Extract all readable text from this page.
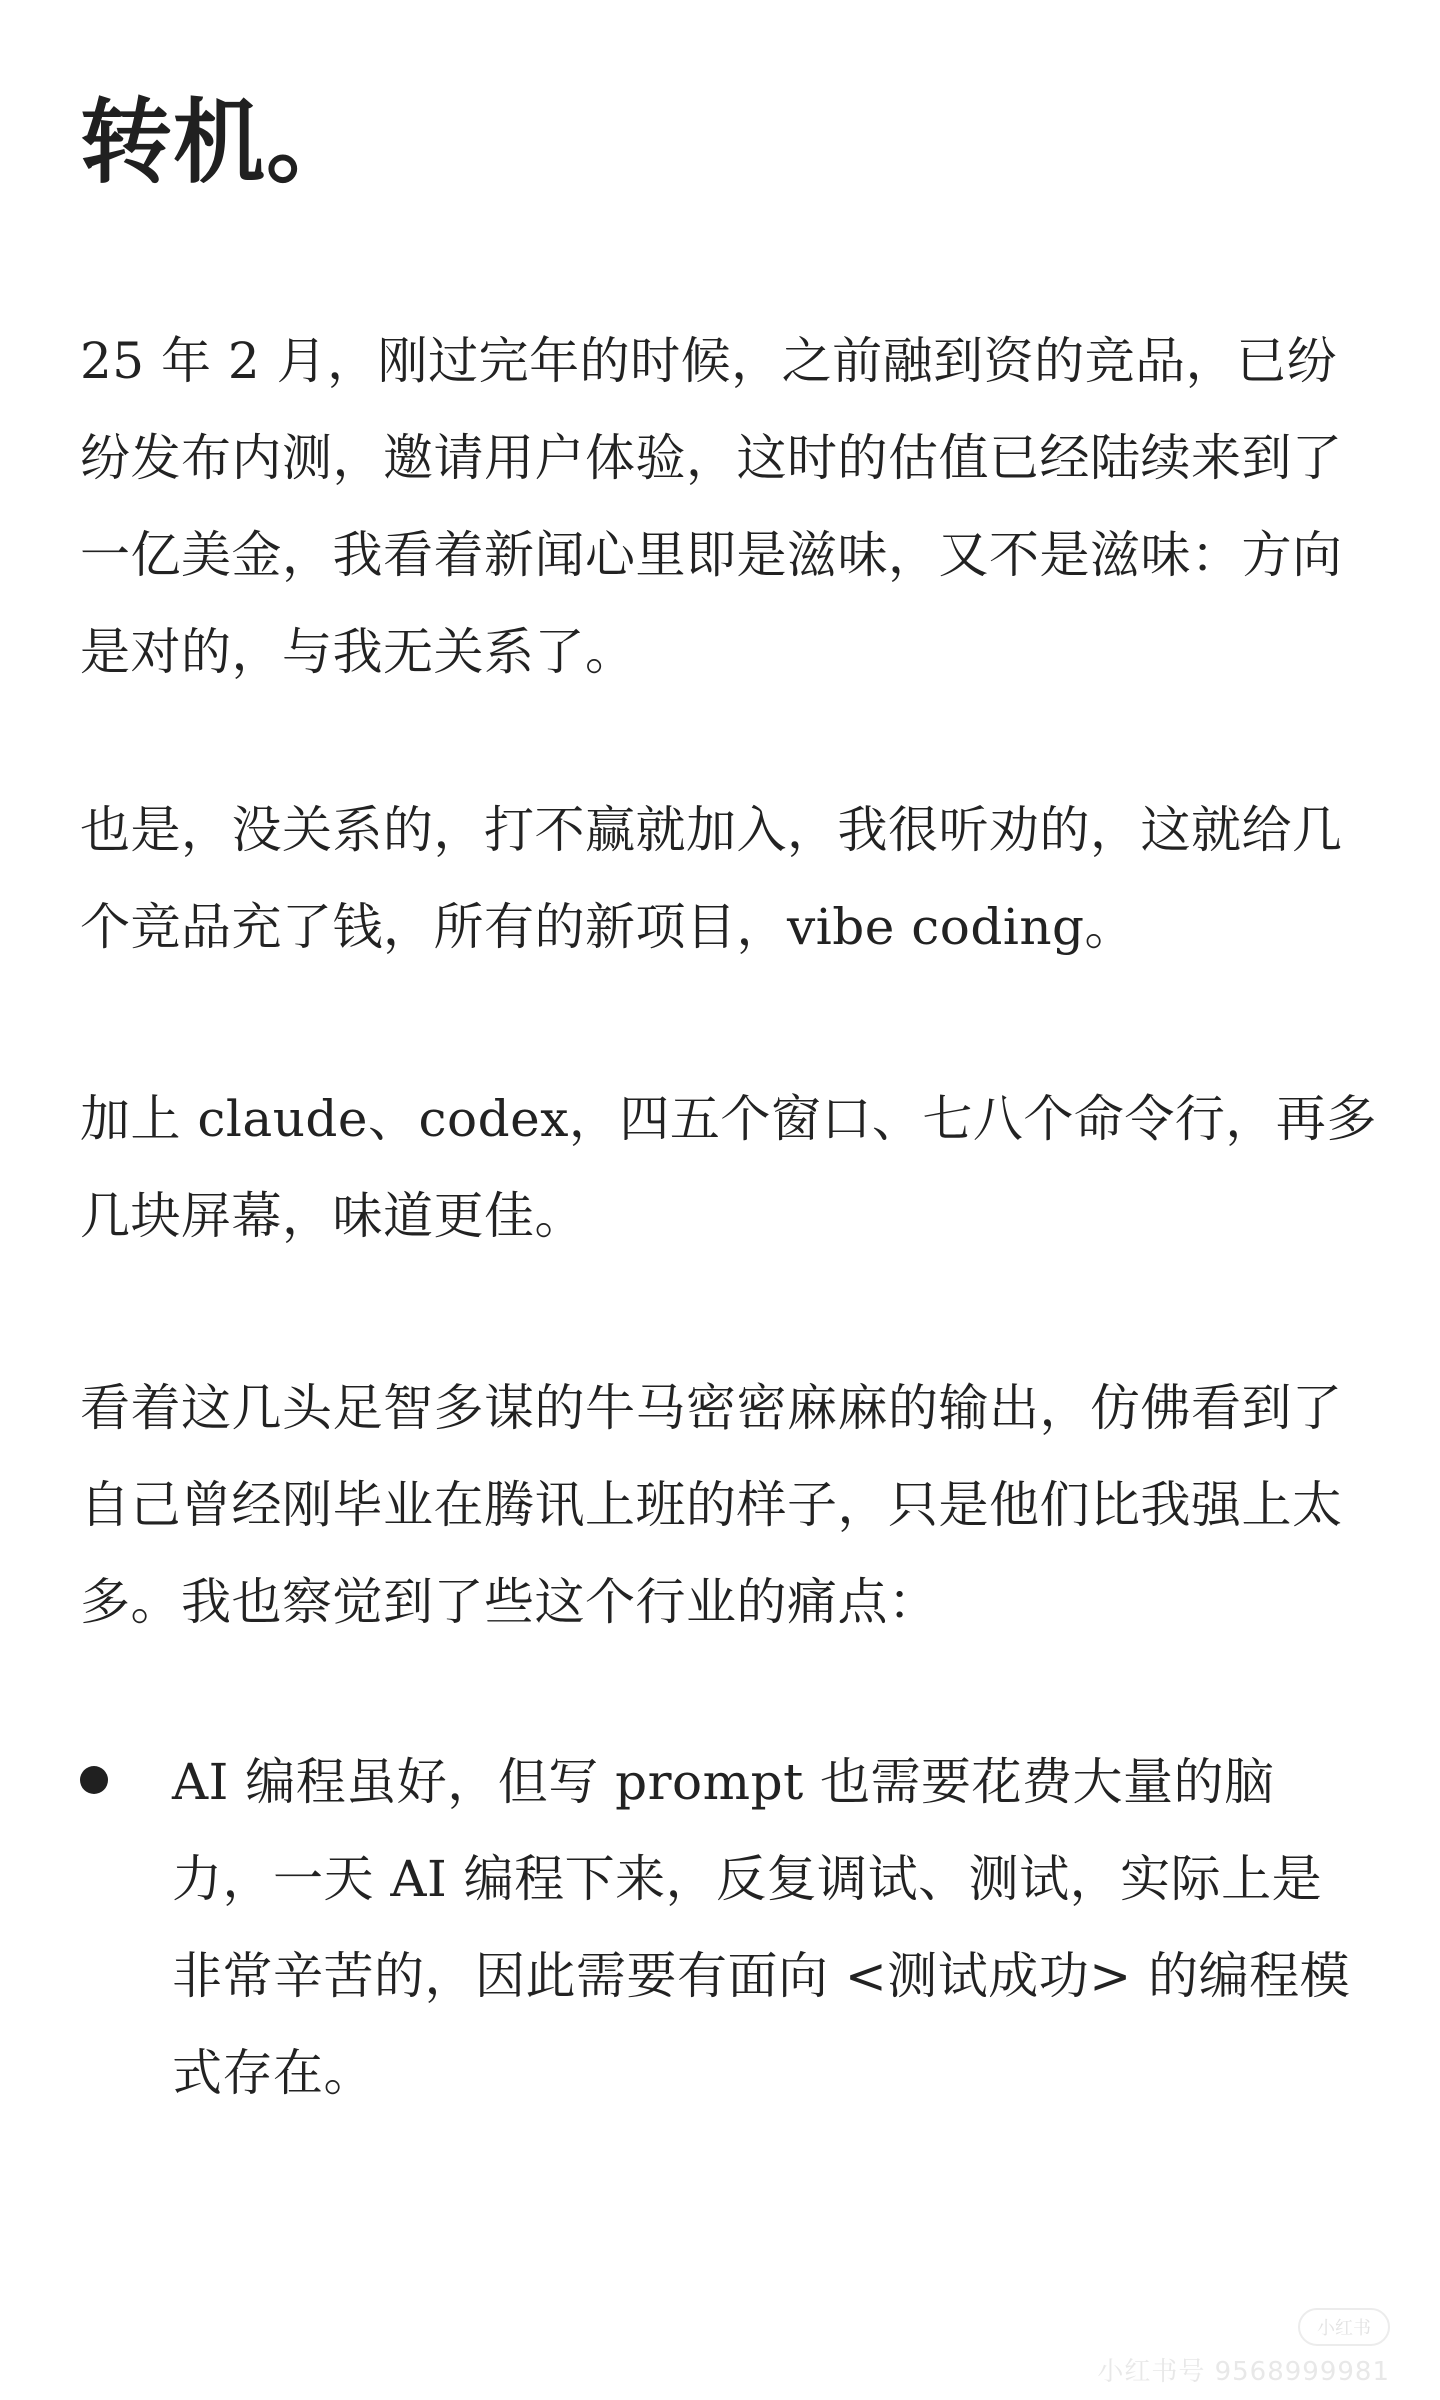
转机。

25 年 2 月，刚过完年的时候，之前融到资的竞品，已纷纷发布内测，邀请用户体验，这时的估值已经陆续来到了一亿美金，我看着新闻心里即是滋味，又不是滋味：方向是对的，与我无关系了。

也是，没关系的，打不赢就加入，我很听劝的，这就给几个竞品充了钱，所有的新项目，vibe coding。

加上 claude、codex，四五个窗口、七八个命令行，再多几块屏幕，味道更佳。

看着这几头足智多谋的牛马密密麻麻的输出，仿佛看到了自己曾经刚毕业在腾讯上班的样子，只是他们比我强上太多。我也察觉到了些这个行业的痛点：

AI 编程虽好，但写 prompt 也需要花费大量的脑力，一天 AI 编程下来，反复调试、测试，实际上是非常辛苦的，因此需要有面向 <测试成功> 的编程模式存在。

小红书
小红书号 9568999981
